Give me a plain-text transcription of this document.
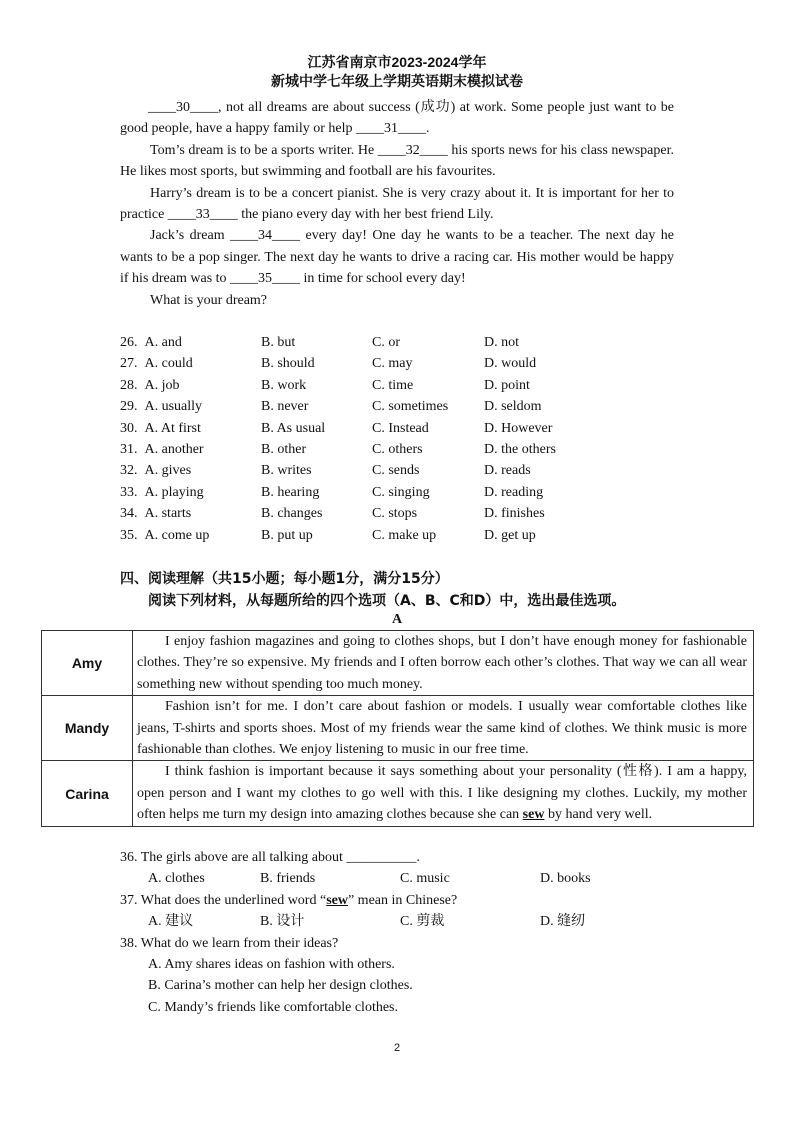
江苏省南京市2023-2024学年
新城中学七年级上学期英语期末模拟试卷

____30____, not all dreams are about success (成功) at work. Some people just want to be good people, have a happy family or help ____31____.

Tom’s dream is to be a sports writer. He ____32____ his sports news for his class newspaper. He likes most sports, but swimming and football are his favourites.

Harry’s dream is to be a concert pianist. She is very crazy about it. It is important for her to practice ____33____ the piano every day with her best friend Lily.

Jack’s dream ____34____ every day! One day he wants to be a teacher. The next day he wants to be a pop singer. The next day he wants to drive a racing car. His mother would be happy if his dream was to ____35____ in time for school every day!

What is your dream?

26. A. and	B. but	C. or	D. not
27. A. could	B. should	C. may	D. would
28. A. job	B. work	C. time	D. point
29. A. usually	B. never	C. sometimes	D. seldom
30. A. At first	B. As usual	C. Instead	D. However
31. A. another	B. other	C. others	D. the others
32. A. gives	B. writes	C. sends	D. reads
33. A. playing	B. hearing	C. singing	D. reading
34. A. starts	B. changes	C. stops	D. finishes
35. A. come up	B. put up	C. make up	D. get up
四、阅读理解（共15小题；每小题1分，满分15分）
阅读下列材料，从每题所给的四个选项（A、B、C和D）中，选出最佳选项。
A
Amy	I enjoy fashion magazines and going to clothes shops, but I don’t have enough money for fashionable clothes. They’re so expensive. My friends and I often borrow each other’s clothes. That way we can all wear something new without spending too much money.

Mandy	Fashion isn’t for me. I don’t care about fashion or models. I usually wear comfortable clothes like jeans, T-shirts and sports shoes. Most of my friends wear the same kind of clothes. We think music is more fashionable than clothes. We enjoy listening to music in our free time.

Carina	I think fashion is important because it says something about your personality (性格). I am a happy, open person and I want my clothes to go well with this. I like designing my clothes. Luckily, my mother often helps me turn my design into amazing clothes because she can sew by hand very well.

36. The girls above are all talking about __________.
A. clothes	B. friends	C. music	D. books
37. What does the underlined word “sew” mean in Chinese?
A. 建议	B. 设计	C. 剪裁	D. 缝纫
38. What do we learn from their ideas?
A. Amy shares ideas on fashion with others.
B. Carina’s mother can help her design clothes.
C. Mandy’s friends like comfortable clothes.
2
